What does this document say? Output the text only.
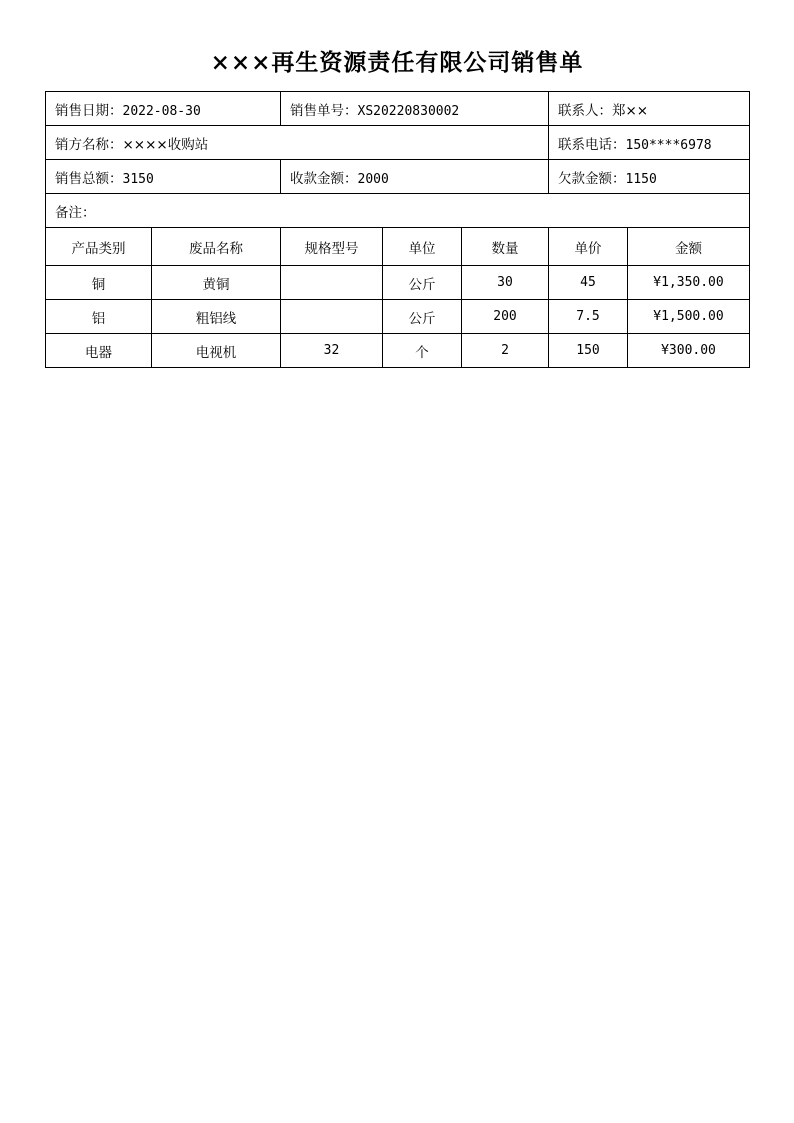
×××再生资源责任有限公司销售单
销售日期：2022-08-30		销售单号：XS20220830002			联系人：郑××	
销方名称：××××收购站					联系电话：150****6978	
销售总额：3150		收款金额：2000			欠款金额：1150	
备注：						
产品类别	废品名称	规格型号	单位	数量	单价	金额
铜	黄铜		公斤	30	45	¥1,350.00
铝	粗铝线		公斤	200	7.5	¥1,500.00
电器	电视机	32	个	2	150	¥300.00
